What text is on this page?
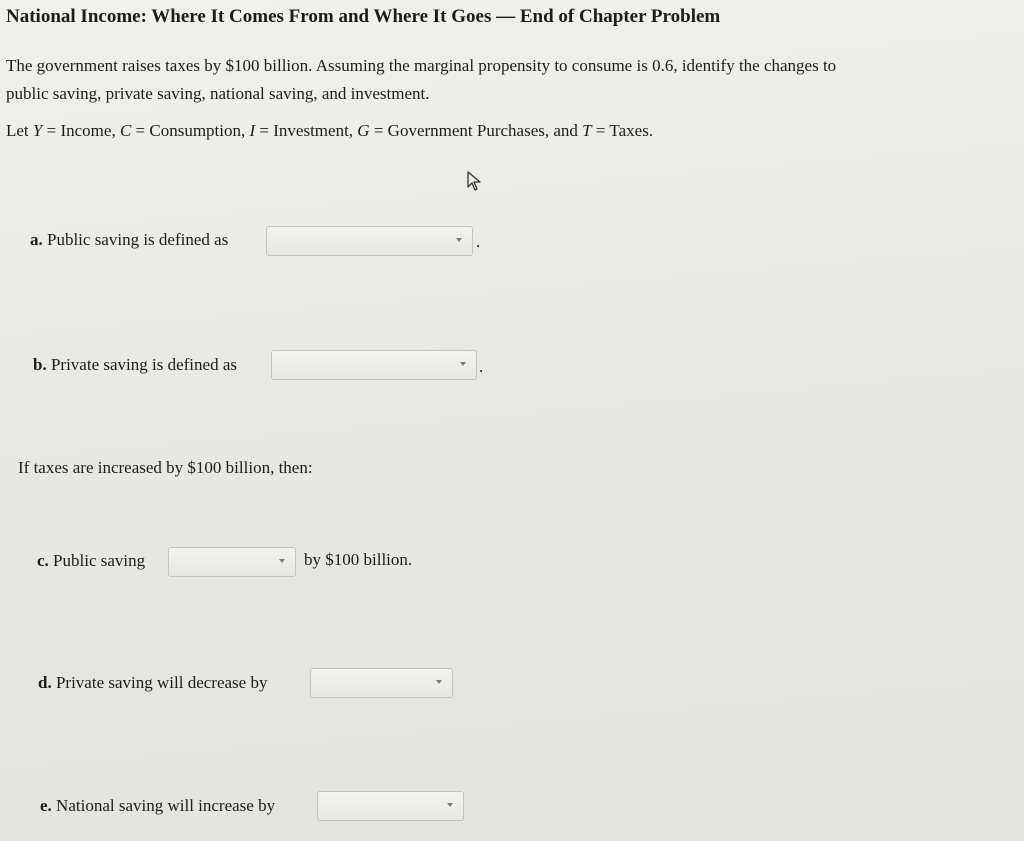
National Income: Where It Comes From and Where It Goes — End of Chapter Problem
The government raises taxes by $100 billion. Assuming the marginal propensity to consume is 0.6, identify the changes to
public saving, private saving, national saving, and investment.
Let Y = Income, C = Consumption, I = Investment, G = Government Purchases, and T = Taxes.
a. Public saving is defined as	.
b. Private saving is defined as	.
If taxes are increased by $100 billion, then:
c. Public saving	by $100 billion.
d. Private saving will decrease by
e. National saving will increase by
